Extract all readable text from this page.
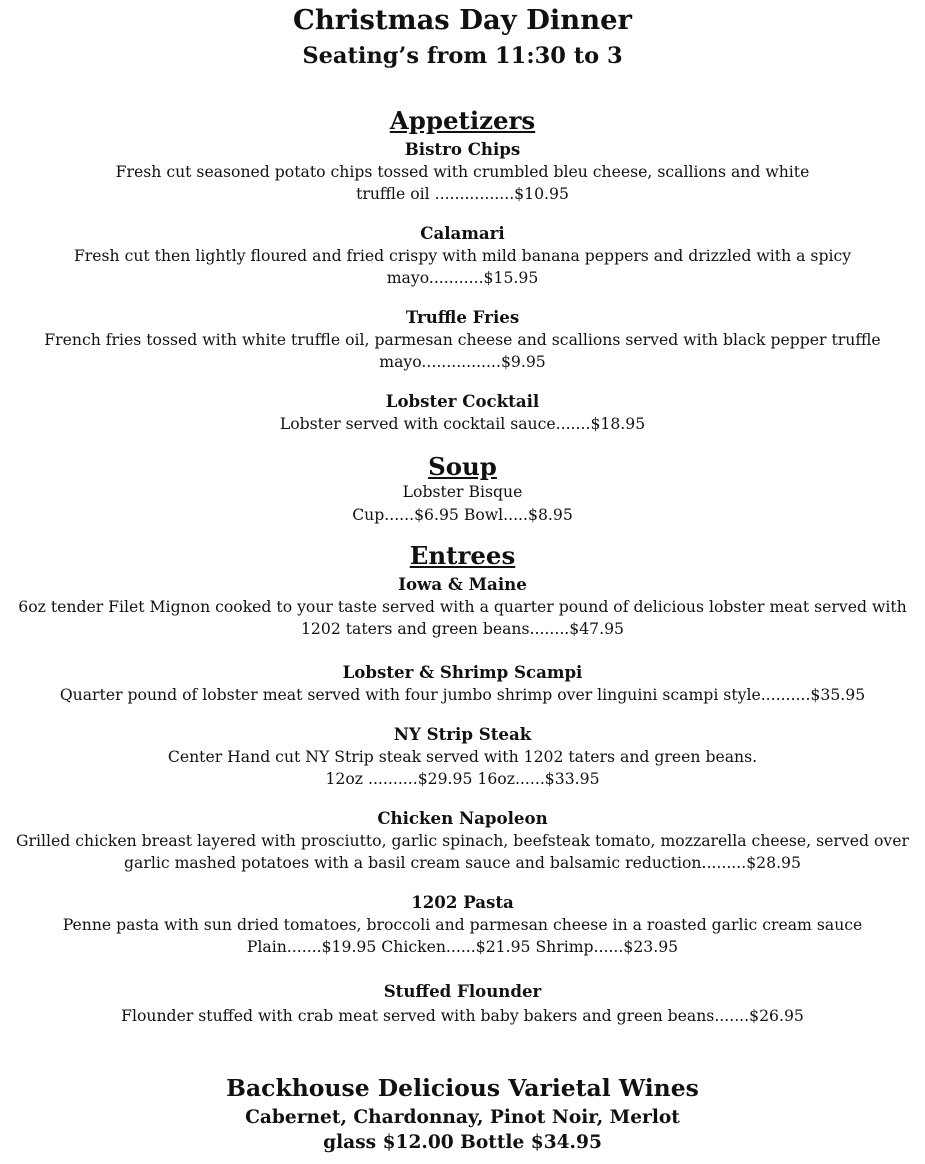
Christmas Day Dinner
Seating’s from 11:30 to 3
Appetizers
Bistro Chips
Fresh cut seasoned potato chips tossed with crumbled bleu cheese, scallions and white
truffle oil ................$10.95
Calamari
Fresh cut then lightly floured and fried crispy with mild banana peppers and drizzled with a spicy
mayo...........$15.95
Truffle Fries
French fries tossed with white truffle oil, parmesan cheese and scallions served with black pepper truffle
mayo................$9.95
Lobster Cocktail
Lobster served with cocktail sauce.......$18.95
Soup
Lobster Bisque
Cup......$6.95 Bowl.....$8.95
Entrees
Iowa & Maine
6oz tender Filet Mignon cooked to your taste served with a quarter pound of delicious lobster meat served with
1202 taters and green beans........$47.95
Lobster & Shrimp Scampi
Quarter pound of lobster meat served with four jumbo shrimp over linguini scampi style..........$35.95
NY Strip Steak
Center Hand cut NY Strip steak served with 1202 taters and green beans.
12oz ..........$29.95 16oz......$33.95
Chicken Napoleon
Grilled chicken breast layered with prosciutto, garlic spinach, beefsteak tomato, mozzarella cheese, served over
garlic mashed potatoes with a basil cream sauce and balsamic reduction.........$28.95
1202 Pasta
Penne pasta with sun dried tomatoes, broccoli and parmesan cheese in a roasted garlic cream sauce
Plain.......$19.95 Chicken......$21.95 Shrimp......$23.95
Stuffed Flounder
Flounder stuffed with crab meat served with baby bakers and green beans.......$26.95
Backhouse Delicious Varietal Wines
Cabernet, Chardonnay, Pinot Noir, Merlot
glass $12.00 Bottle $34.95
